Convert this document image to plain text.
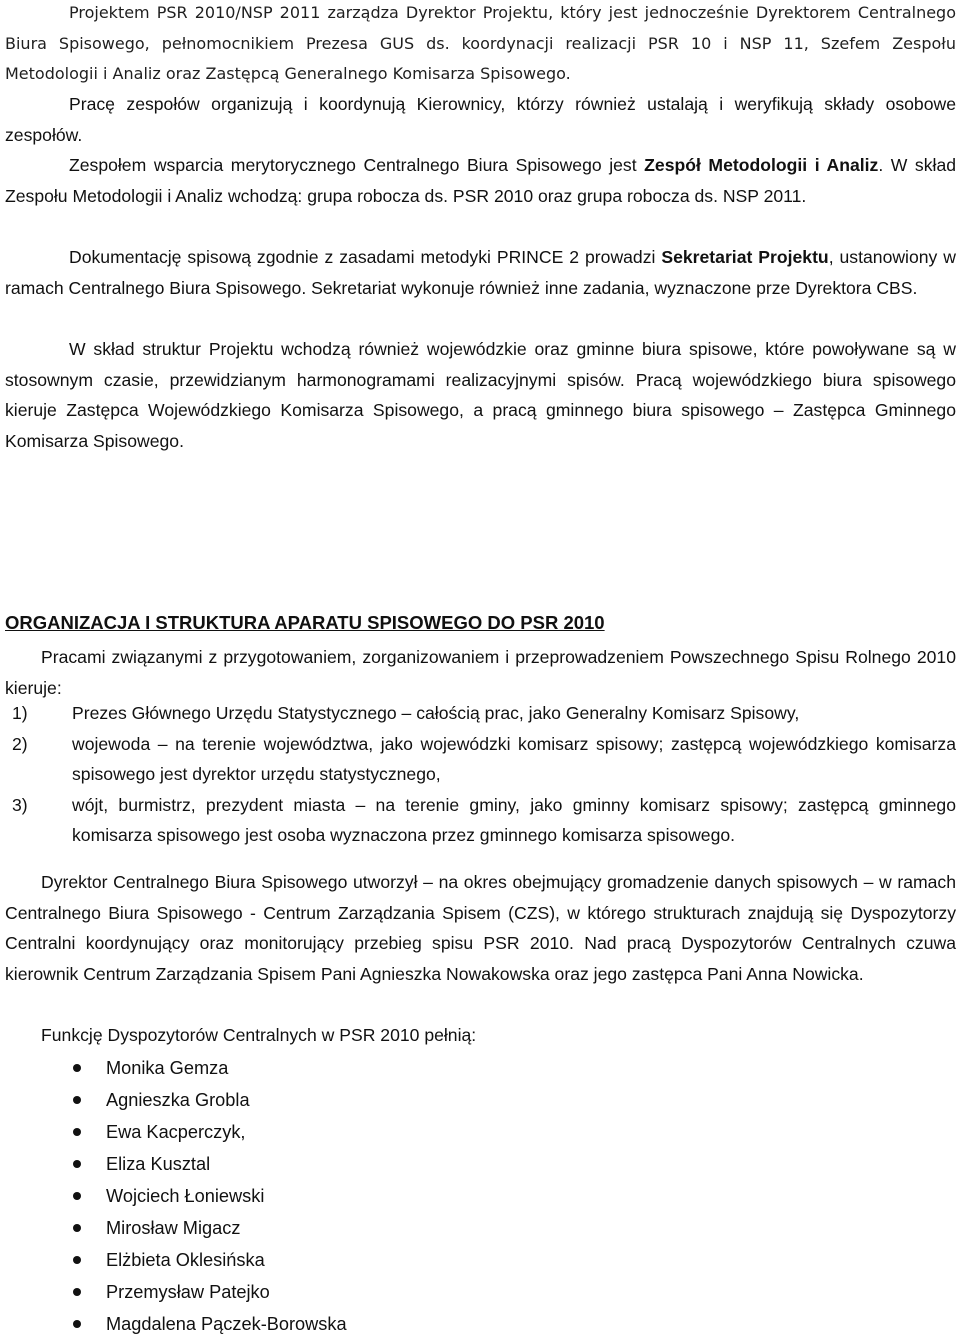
Projektem PSR 2010/NSP 2011 zarządza Dyrektor Projektu, który jest jednocześnie Dyrektorem Centralnego Biura Spisowego, pełnomocnikiem Prezesa GUS ds. koordynacji realizacji PSR 10 i NSP 11, Szefem Zespołu Metodologii i Analiz oraz Zastępcą Generalnego Komisarza Spisowego.

Pracę zespołów organizują i koordynują Kierownicy, którzy również ustalają i weryfikują składy osobowe zespołów.

Zespołem wsparcia merytorycznego Centralnego Biura Spisowego jest Zespół Metodologii i Analiz. W skład Zespołu Metodologii i Analiz wchodzą: grupa robocza ds. PSR 2010 oraz grupa robocza ds. NSP 2011.

Dokumentację spisową zgodnie z zasadami metodyki PRINCE 2 prowadzi Sekretariat Projektu, ustanowiony w ramach Centralnego Biura Spisowego. Sekretariat wykonuje również inne zadania, wyznaczone prze Dyrektora CBS.

W skład struktur Projektu wchodzą również wojewódzkie oraz gminne biura spisowe, które powoływane są w stosownym czasie, przewidzianym harmonogramami realizacyjnymi spisów. Pracą wojewódzkiego biura spisowego kieruje Zastępca Wojewódzkiego Komisarza Spisowego, a pracą gminnego biura spisowego – Zastępca Gminnego Komisarza Spisowego.

ORGANIZACJA I STRUKTURA APARATU SPISOWEGO DO PSR 2010

Pracami związanymi z przygotowaniem, zorganizowaniem i przeprowadzeniem Powszechnego Spisu Rolnego 2010 kieruje:

1)	Prezes Głównego Urzędu Statystycznego – całością prac, jako Generalny Komisarz Spisowy,
2)	wojewoda – na terenie województwa, jako wojewódzki komisarz spisowy; zastępcą wojewódzkiego komisarza spisowego jest dyrektor urzędu statystycznego,
3)	wójt, burmistrz, prezydent miasta – na terenie gminy, jako gminny komisarz spisowy; zastępcą gminnego komisarza spisowego jest osoba wyznaczona przez gminnego komisarza spisowego.

Dyrektor Centralnego Biura Spisowego utworzył – na okres obejmujący gromadzenie danych spisowych – w ramach Centralnego Biura Spisowego - Centrum Zarządzania Spisem (CZS), w którego strukturach znajdują się Dyspozytorzy Centralni koordynujący oraz monitorujący przebieg spisu PSR 2010. Nad pracą Dyspozytorów Centralnych czuwa kierownik Centrum Zarządzania Spisem Pani Agnieszka Nowakowska oraz jego zastępca Pani Anna Nowicka.

Funkcję Dyspozytorów Centralnych w PSR 2010 pełnią:

Monika Gemza
Agnieszka Grobla
Ewa Kacperczyk,
Eliza Kusztal
Wojciech Łoniewski
Mirosław Migacz
Elżbieta Oklesińska
Przemysław Patejko
Magdalena Pączek-Borowska
